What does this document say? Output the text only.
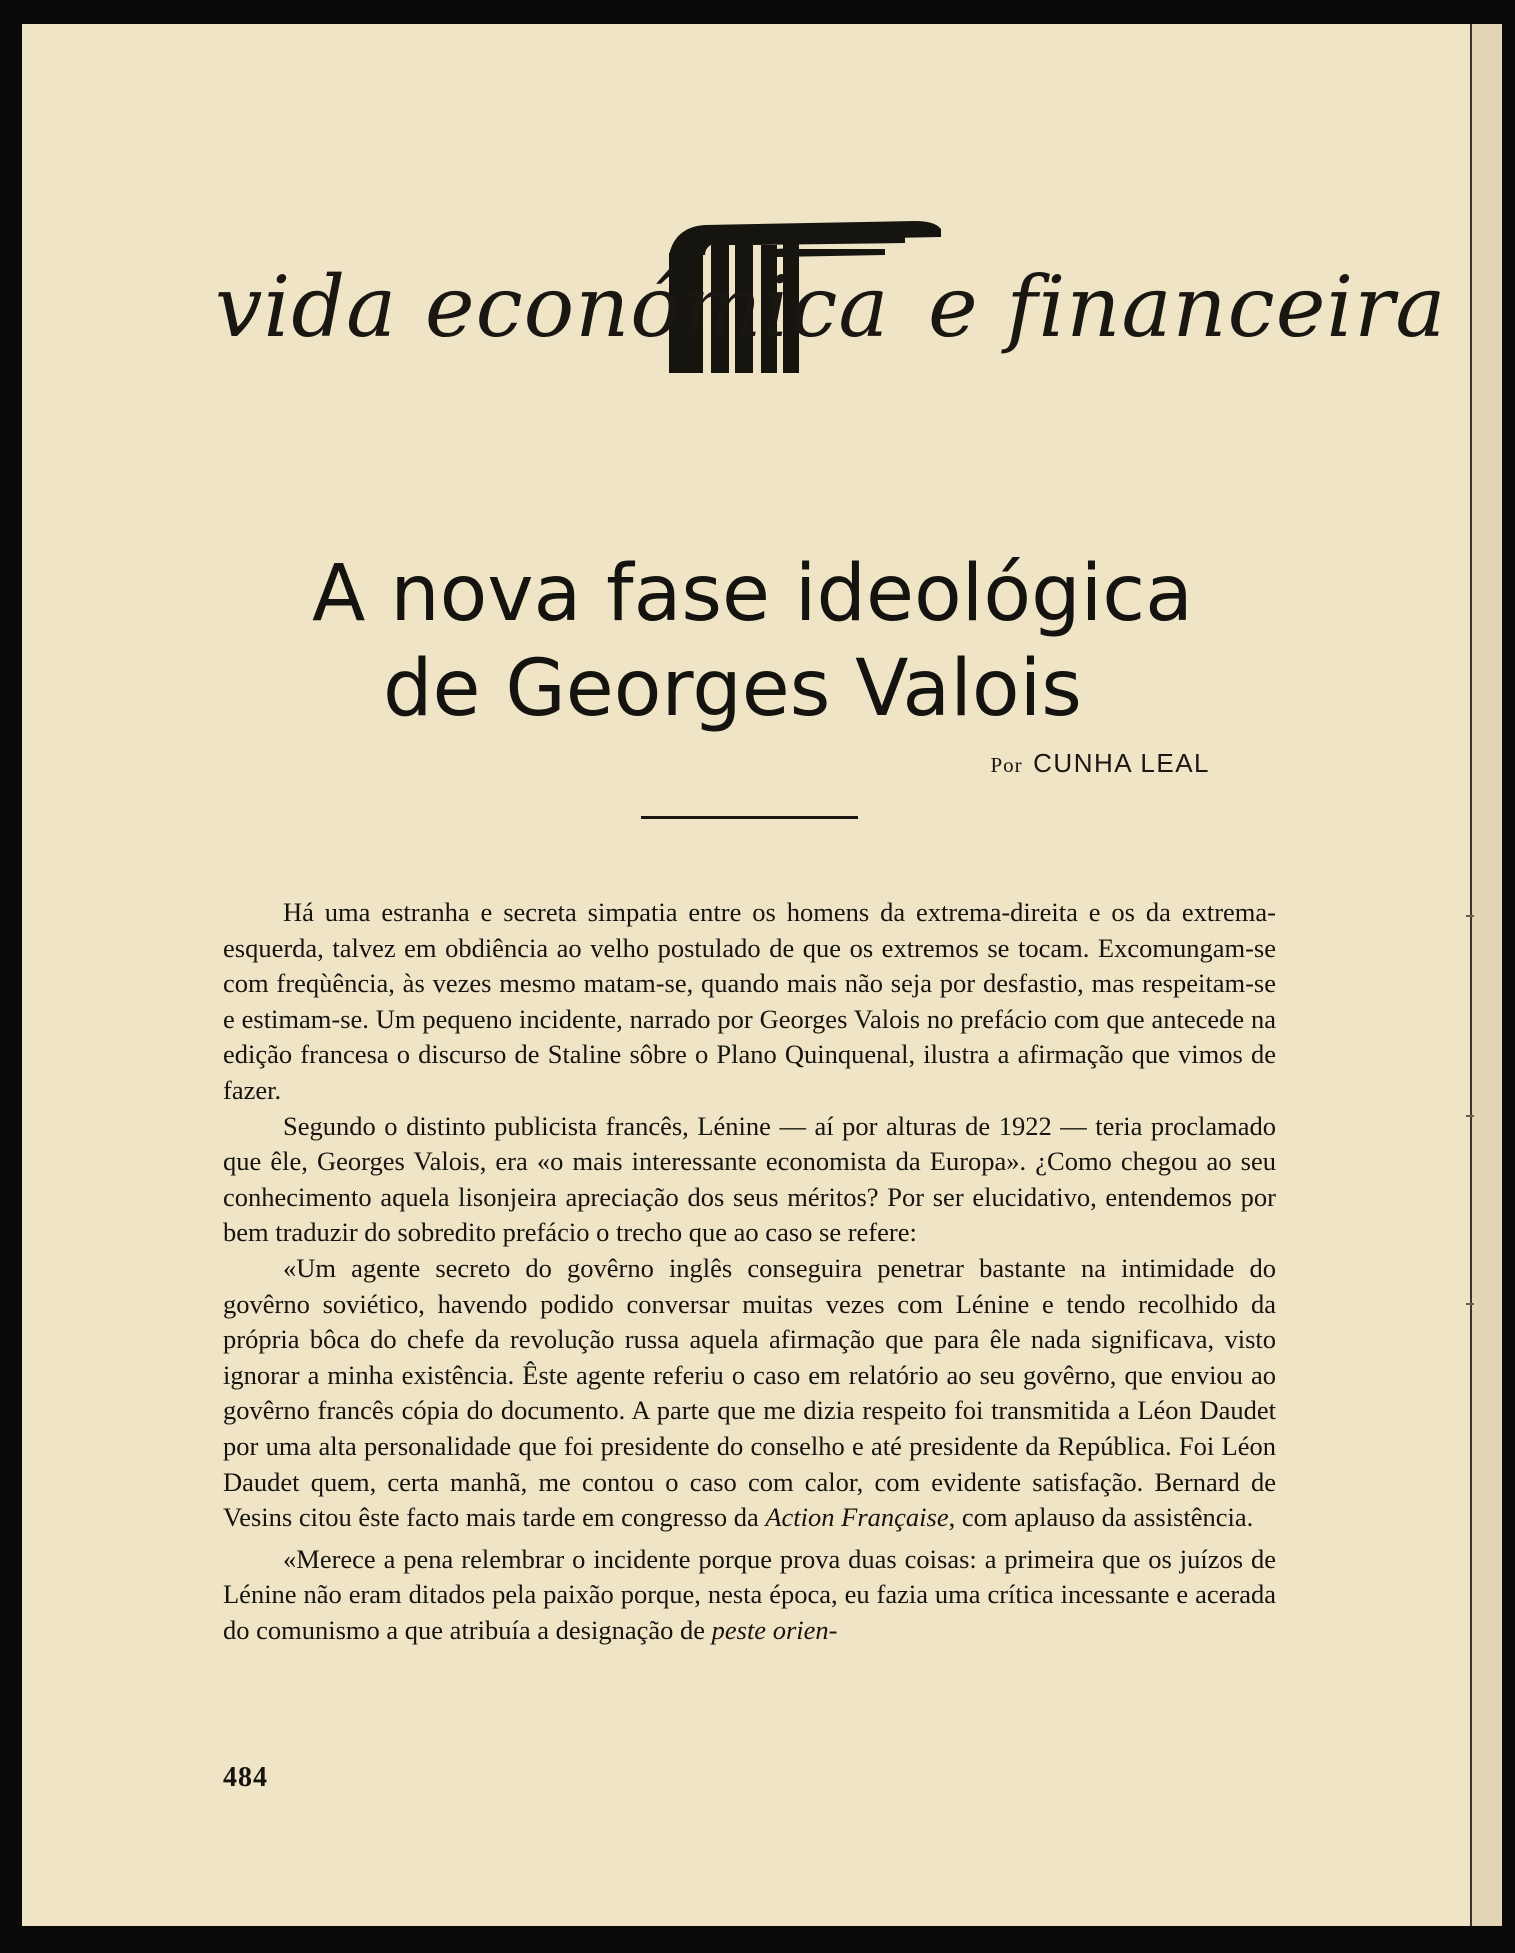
vida económica e financeira
A nova fase ideológica
de Georges Valois
Por CUNHA LEAL

Há uma estranha e secreta simpatia entre os homens da extrema-direita e os da extrema-esquerda, talvez em obdiência ao velho postulado de que os extremos se tocam. Excomungam-se com freqùência, às vezes mesmo matam-se, quando mais não seja por desfastio, mas respeitam-se e estimam-se. Um pequeno incidente, narrado por Georges Valois no prefácio com que antecede na edição francesa o discurso de Staline sôbre o Plano Quinquenal, ilustra a afirmação que vimos de fazer.

Segundo o distinto publicista francês, Lénine — aí por alturas de 1922 — teria proclamado que êle, Georges Valois, era «o mais interessante economista da Europa». ¿Como chegou ao seu conhecimento aquela lisonjeira apreciação dos seus méritos? Por ser elucidativo, entendemos por bem traduzir do sobredito prefácio o trecho que ao caso se refere:

«Um agente secreto do govêrno inglês conseguira penetrar bastante na intimidade do govêrno soviético, havendo podido conversar muitas vezes com Lénine e tendo recolhido da própria bôca do chefe da revolução russa aquela afirmação que para êle nada significava, visto ignorar a minha existência. Êste agente referiu o caso em relatório ao seu govêrno, que enviou ao govêrno francês cópia do documento. A parte que me dizia respeito foi transmitida a Léon Daudet por uma alta personalidade que foi presidente do conselho e até presidente da República. Foi Léon Daudet quem, certa manhã, me contou o caso com calor, com evidente satisfação. Bernard de Vesins citou êste facto mais tarde em congresso da Action Française, com aplauso da assistência.

«Merece a pena relembrar o incidente porque prova duas coisas: a primeira que os juízos de Lénine não eram ditados pela paixão porque, nesta época, eu fazia uma crítica incessante e acerada do comunismo a que atribuía a designação de peste orien-

484
